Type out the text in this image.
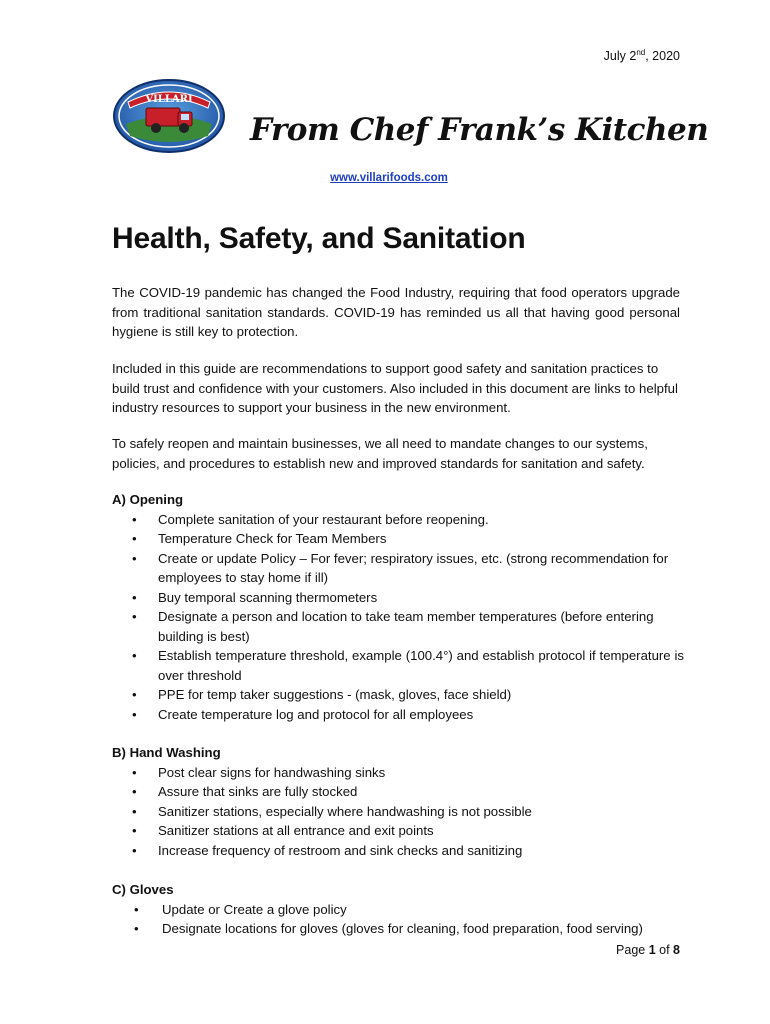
July 2nd, 2020
VILLARI
From Chef Frank’s Kitchen
www.villarifoods.com
Health, Safety, and Sanitation
The COVID-19 pandemic has changed the Food Industry, requiring that food operators upgrade from traditional sanitation standards. COVID-19 has reminded us all that having good personal hygiene is still key to protection.
Included in this guide are recommendations to support good safety and sanitation practices to build trust and confidence with your customers. Also included in this document are links to helpful industry resources to support your business in the new environment.
To safely reopen and maintain businesses, we all need to mandate changes to our systems, policies, and procedures to establish new and improved standards for sanitation and safety.
A) Opening
• Complete sanitation of your restaurant before reopening.
• Temperature Check for Team Members
• Create or update Policy – For fever; respiratory issues, etc. (strong recommendation for employees to stay home if ill)
• Buy temporal scanning thermometers
• Designate a person and location to take team member temperatures (before entering building is best)
• Establish temperature threshold, example (100.4°) and establish protocol if temperature is over threshold
• PPE for temp taker suggestions - (mask, gloves, face shield)
• Create temperature log and protocol for all employees
B) Hand Washing
• Post clear signs for handwashing sinks
• Assure that sinks are fully stocked
• Sanitizer stations, especially where handwashing is not possible
• Sanitizer stations at all entrance and exit points
• Increase frequency of restroom and sink checks and sanitizing
C) Gloves
• Update or Create a glove policy
• Designate locations for gloves (gloves for cleaning, food preparation, food serving)
Page 1 of 8
